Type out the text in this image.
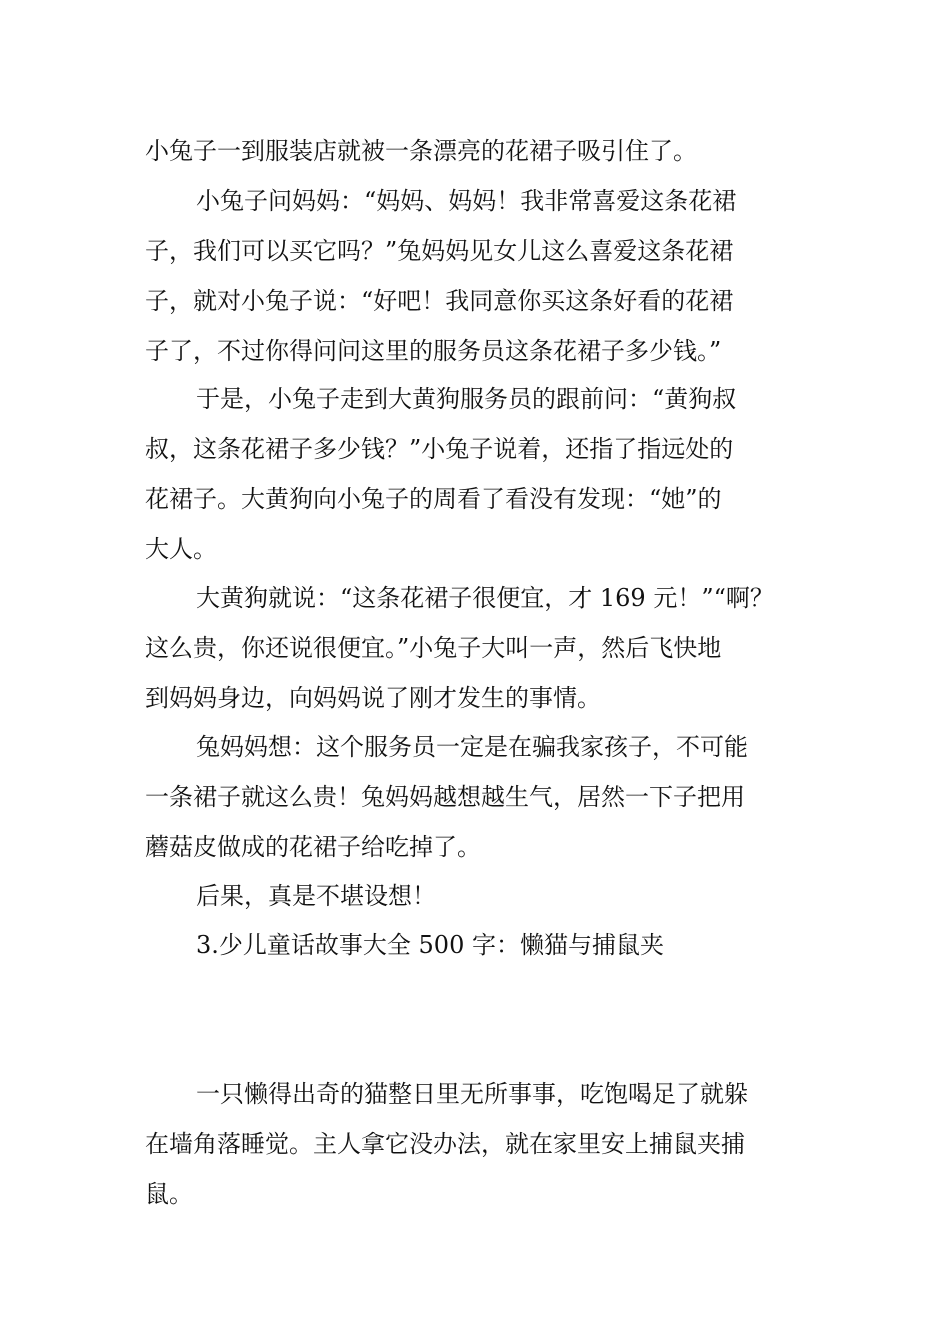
小兔子一到服装店就被一条漂亮的花裙子吸引住了。
小兔子问妈妈：“妈妈、妈妈！我非常喜爱这条花裙
子，我们可以买它吗？”兔妈妈见女儿这么喜爱这条花裙
子，就对小兔子说：“好吧！我同意你买这条好看的花裙
子了，不过你得问问这里的服务员这条花裙子多少钱。”
于是，小兔子走到大黄狗服务员的跟前问：“黄狗叔
叔，这条花裙子多少钱？”小兔子说着，还指了指远处的
花裙子。大黄狗向小兔子的周看了看没有发现：“她”的
大人。
大黄狗就说：“这条花裙子很便宜，才 169 元！”“啊？
这么贵，你还说很便宜。”小兔子大叫一声，然后飞快地
到妈妈身边，向妈妈说了刚才发生的事情。
兔妈妈想：这个服务员一定是在骗我家孩子，不可能
一条裙子就这么贵！兔妈妈越想越生气，居然一下子把用
蘑菇皮做成的花裙子给吃掉了。
后果，真是不堪设想！
3.少儿童话故事大全 500 字：懒猫与捕鼠夹
一只懒得出奇的猫整日里无所事事，吃饱喝足了就躲
在墙角落睡觉。主人拿它没办法，就在家里安上捕鼠夹捕
鼠。
